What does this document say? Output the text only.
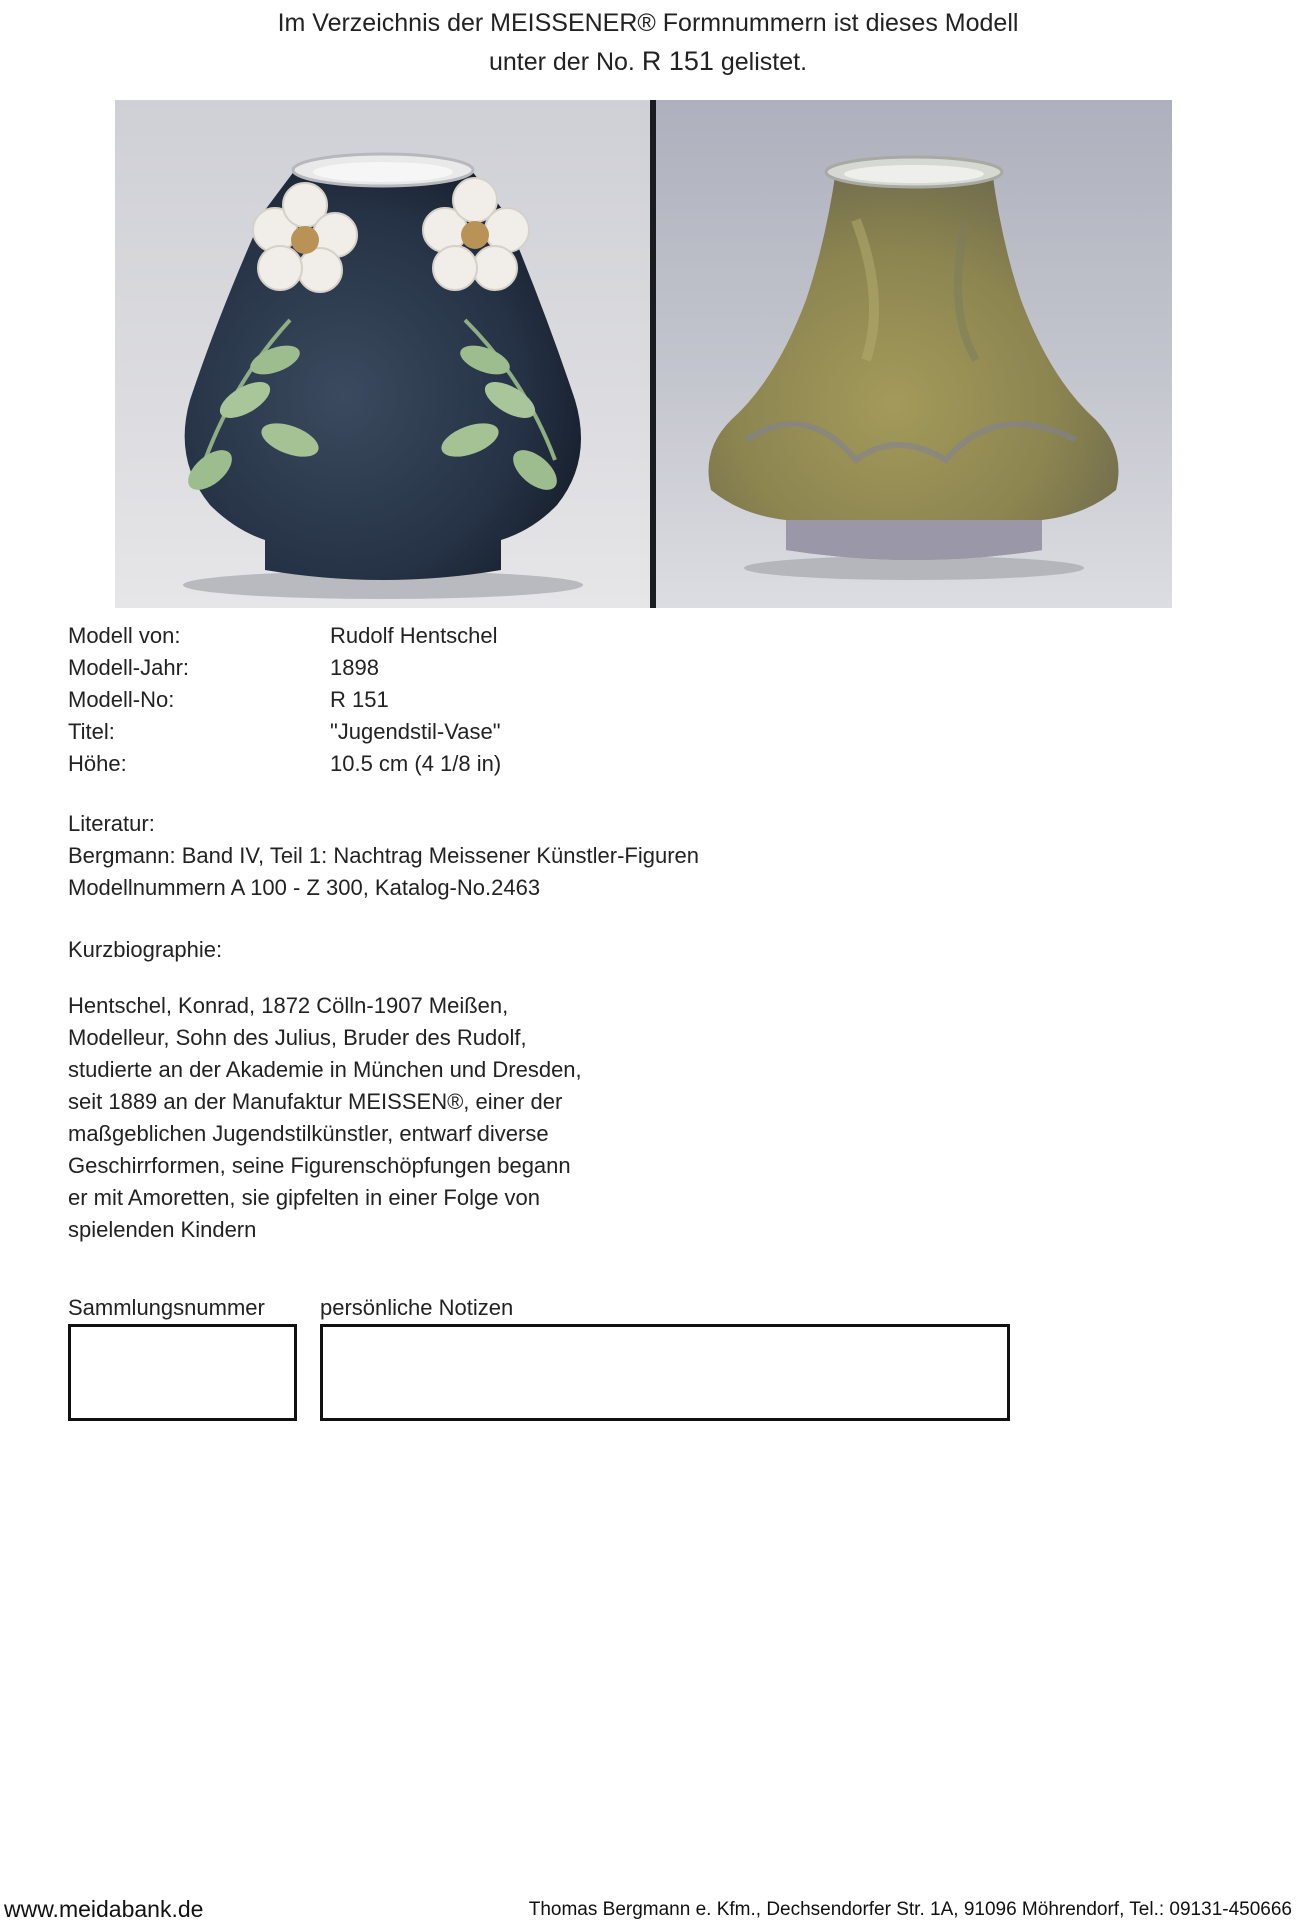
Im Verzeichnis der MEISSENER® Formnummern ist dieses Modell
unter der No. R 151 gelistet.
Modell von:	Rudolf Hentschel
Modell-Jahr:	1898
Modell-No:	R 151
Titel:	"Jugendstil-Vase"
Höhe:	10.5 cm (4 1/8 in)
Literatur:
Bergmann: Band IV, Teil 1: Nachtrag Meissener Künstler-Figuren
Modellnummern A 100 - Z 300, Katalog-No.2463
Kurzbiographie:
Hentschel, Konrad, 1872 Cölln-1907 Meißen,
Modelleur, Sohn des Julius, Bruder des Rudolf,
studierte an der Akademie in München und Dresden,
seit 1889 an der Manufaktur MEISSEN®, einer der
maßgeblichen Jugendstilkünstler, entwarf diverse
Geschirrformen, seine Figurenschöpfungen begann
er mit Amoretten, sie gipfelten in einer Folge von
spielenden Kindern
Sammlungsnummer	persönliche Notizen
www.meidabank.de	Thomas Bergmann e. Kfm., Dechsendorfer Str. 1A, 91096 Möhrendorf, Tel.: 09131-450666
